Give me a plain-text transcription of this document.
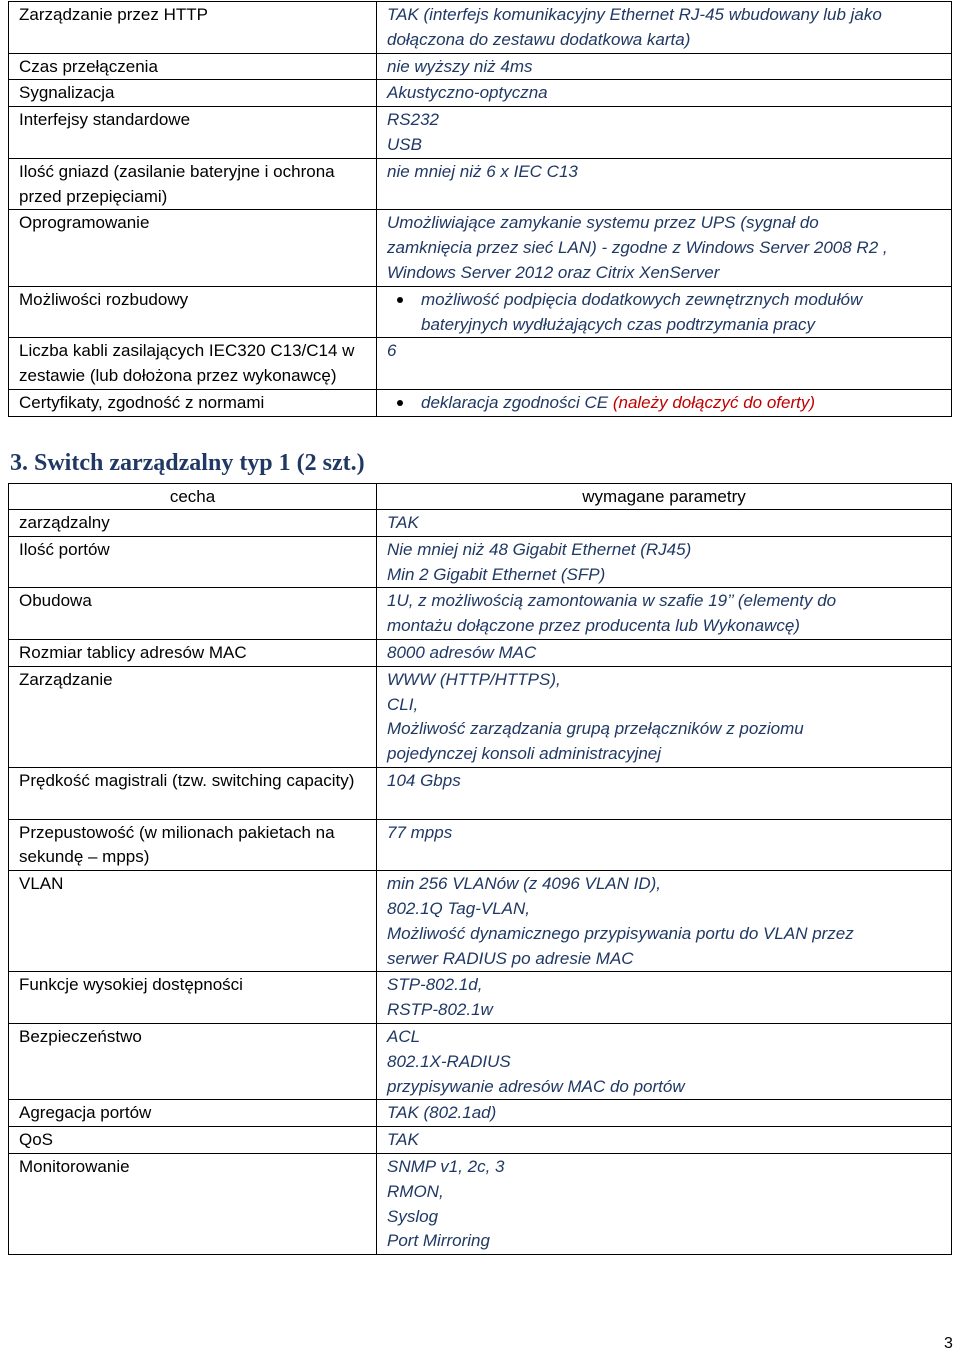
Zarządzanie przez HTTP	TAK (interfejs komunikacyjny Ethernet RJ-45 wbudowany lub jako
dołączona do zestawu dodatkowa karta)

Czas przełączenia	nie wyższy niż 4ms

Sygnalizacja	Akustyczno-optyczna

Interfejsy standardowe	RS232
USB

Ilość gniazd (zasilanie bateryjne i ochrona przed przepięciami)	nie mniej niż 6 x IEC C13

Oprogramowanie	Umożliwiające zamykanie systemu przez UPS (sygnał do
zamknięcia przez sieć LAN) - zgodne z Windows Server 2008 R2 ,
Windows Server 2012 oraz Citrix XenServer

Możliwości rozbudowy	możliwość podpięcia dodatkowych zewnętrznych modułów
bateryjnych wydłużających czas podtrzymania pracy

Liczba kabli zasilających IEC320 C13/C14 w zestawie (lub dołożona przez wykonawcę)	6

Certyfikaty, zgodność z normami	deklaracja zgodności CE (należy dołączyć do oferty)
3. Switch zarządzalny typ 1 (2 szt.)
cecha	wymagane parametry
zarządzalny	TAK

Ilość portów	Nie mniej niż 48 Gigabit Ethernet (RJ45)
Min 2 Gigabit Ethernet (SFP)

Obudowa	1U, z możliwością zamontowania w szafie 19’’ (elementy do
montażu dołączone przez producenta lub Wykonawcę)

Rozmiar tablicy adresów MAC	8000 adresów MAC

Zarządzanie	WWW (HTTP/HTTPS),
CLI,
Możliwość zarządzania grupą przełączników z poziomu
pojedynczej konsoli administracyjnej

Prędkość magistrali (tzw. switching capacity)	104 Gbps

Przepustowość (w milionach pakietach na sekundę – mpps)	77 mpps

VLAN	min 256 VLANów (z 4096 VLAN ID),
802.1Q Tag-VLAN,
Możliwość dynamicznego przypisywania portu do VLAN przez
serwer RADIUS po adresie MAC

Funkcje wysokiej dostępności	STP-802.1d,
RSTP-802.1w

Bezpieczeństwo	ACL
802.1X-RADIUS
przypisywanie adresów MAC do portów

Agregacja portów	TAK (802.1ad)

QoS	TAK

Monitorowanie	SNMP v1, 2c, 3
RMON,
Syslog
Port Mirroring
3
